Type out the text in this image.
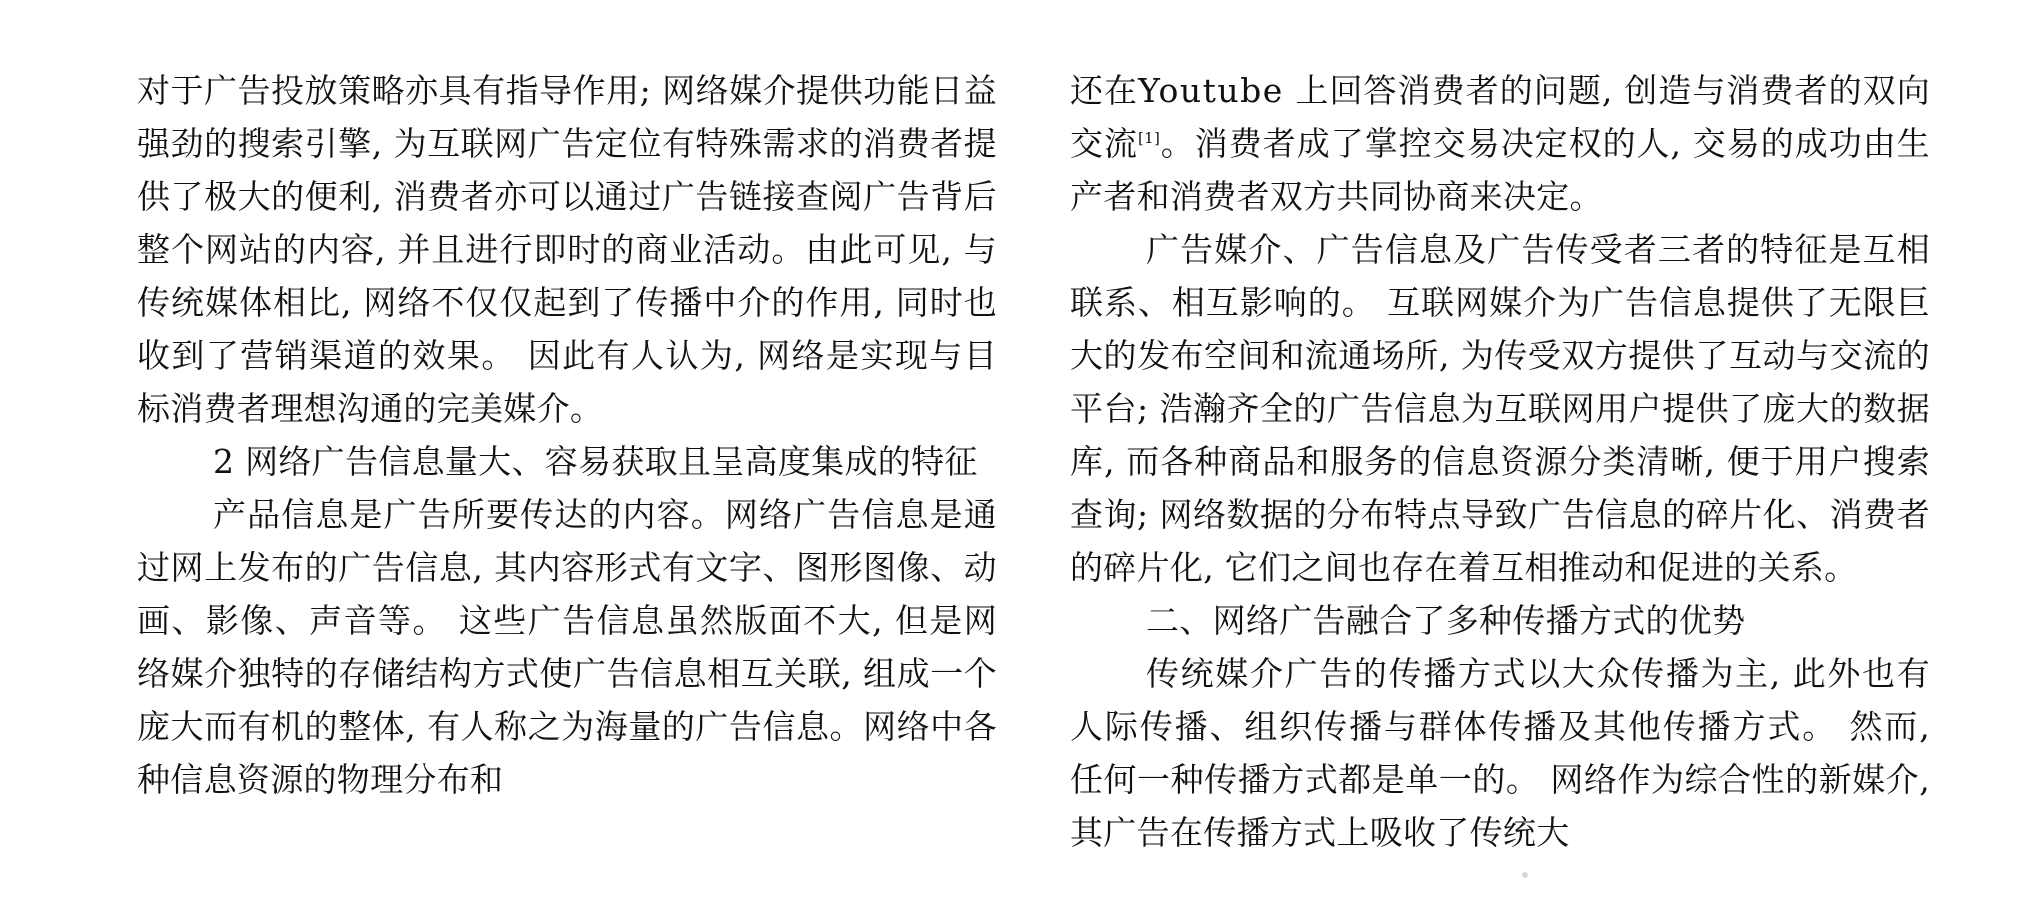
对于广告投放策略亦具有指导作用; 网络媒介提供功能日益强劲的搜索引擎, 为互联网广告定位有特殊需求的消费者提供了极大的便利, 消费者亦可以通过广告链接查阅广告背后整个网站的内容, 并且进行即时的商业活动。由此可见, 与传统媒体相比, 网络不仅仅起到了传播中介的作用, 同时也收到了营销渠道的效果。 因此有人认为, 网络是实现与目标消费者理想沟通的完美媒介。

2 网络广告信息量大、容易获取且呈高度集成的特征

产品信息是广告所要传达的内容。网络广告信息是通过网上发布的广告信息, 其内容形式有文字、图形图像、动画、影像、声音等。 这些广告信息虽然版面不大, 但是网络媒介独特的存储结构方式使广告信息相互关联, 组成一个庞大而有机的整体, 有人称之为海量的广告信息。网络中各种信息资源的物理分布和

还在Youtube 上回答消费者的问题, 创造与消费者的双向交流[1]。消费者成了掌控交易决定权的人, 交易的成功由生产者和消费者双方共同协商来决定。

广告媒介、广告信息及广告传受者三者的特征是互相联系、相互影响的。 互联网媒介为广告信息提供了无限巨大的发布空间和流通场所, 为传受双方提供了互动与交流的平台; 浩瀚齐全的广告信息为互联网用户提供了庞大的数据库, 而各种商品和服务的信息资源分类清晰, 便于用户搜索查询; 网络数据的分布特点导致广告信息的碎片化、消费者的碎片化, 它们之间也存在着互相推动和促进的关系。

二、网络广告融合了多种传播方式的优势

传统媒介广告的传播方式以大众传播为主, 此外也有人际传播、组织传播与群体传播及其他传播方式。 然而, 任何一种传播方式都是单一的。 网络作为综合性的新媒介, 其广告在传播方式上吸收了传统大
